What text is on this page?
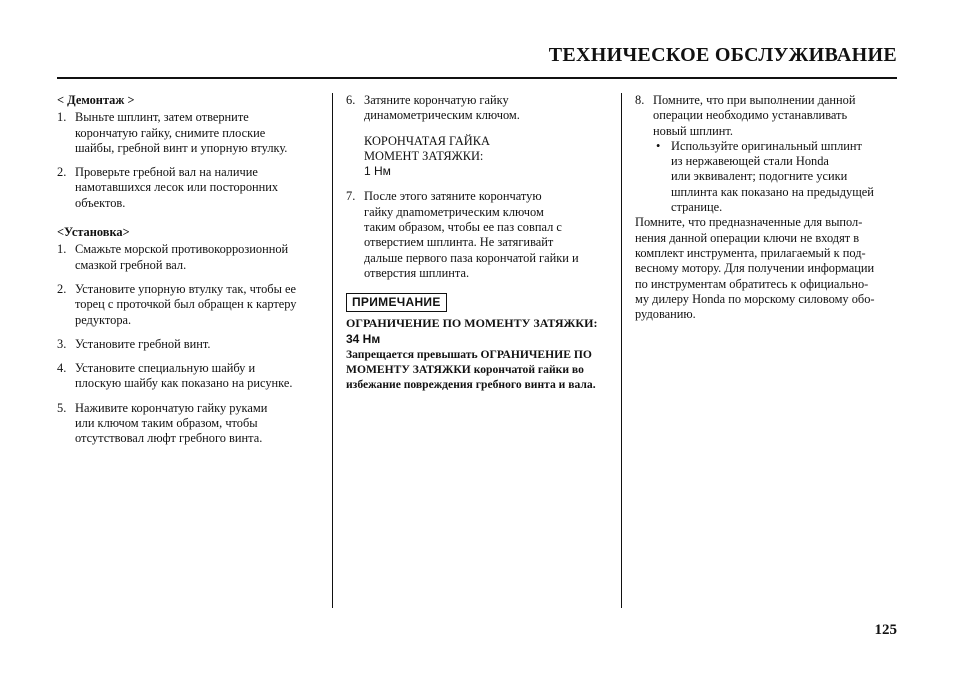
ТЕХНИЧЕСКОЕ ОБСЛУЖИВАНИЕ

< Демонтаж >

1. Выньте шплинт, затем отверните

корончатую гайку, снимите плоские

шайбы, гребной винт и упорную втулку.

2. Проверьте гребной вал на наличие

намотавшихся лесок или посторонних

объектов.

<Установка>

1. Смажьте морской противокоррозионной

смазкой гребной вал.

2. Установите упорную втулку так, чтобы ее

торец с проточкой был обращен к картеру

редуктора.

3. Установите гребной винт.

4. Установите специальную шайбу и

плоскую шайбу как показано на рисунке.

5. Наживите корончатую гайку руками

или ключом таким образом, чтобы

отсутствовал люфт гребного винта.

6. Затяните корончатую гайку

динамометрическим ключом.

КОРОНЧАТАЯ ГАЙКА

МОМЕНТ ЗАТЯЖКИ:

1 Нм

7. После этого затяните корончатую

гайку дnamометрическим ключом

таким образом, чтобы ее паз совпал с

отверстием шплинта. Не затягивайт

дальше первого паза корончатой гайки и

отверстия шплинта.

ПРИМЕЧАНИЕ

ОГРАНИЧЕНИЕ ПО МОМЕНТУ ЗАТЯЖКИ:

34 Нм

Запрещается превышать ОГРАНИЧЕНИЕ ПО

МОМЕНТУ ЗАТЯЖКИ корончатой гайки во

избежание повреждения гребного винта и вала.

8. Помните, что при выполнении данной

операции необходимо устанавливать

новый шплинт.

• Используйте оригинальный шплинт

из нержавеющей стали Honda

или эквивалент; подогните усики

шплинта как показано на предыдущей

странице.

Помните, что предназначенные для выпол-

нения данной операции ключи не входят в

комплект инструмента, прилагаемый к под-

весному мотору. Для получении информации

по инструментам обратитесь к официально-

му дилеру Honda по морскому силовому обо-

рудованию.

125
